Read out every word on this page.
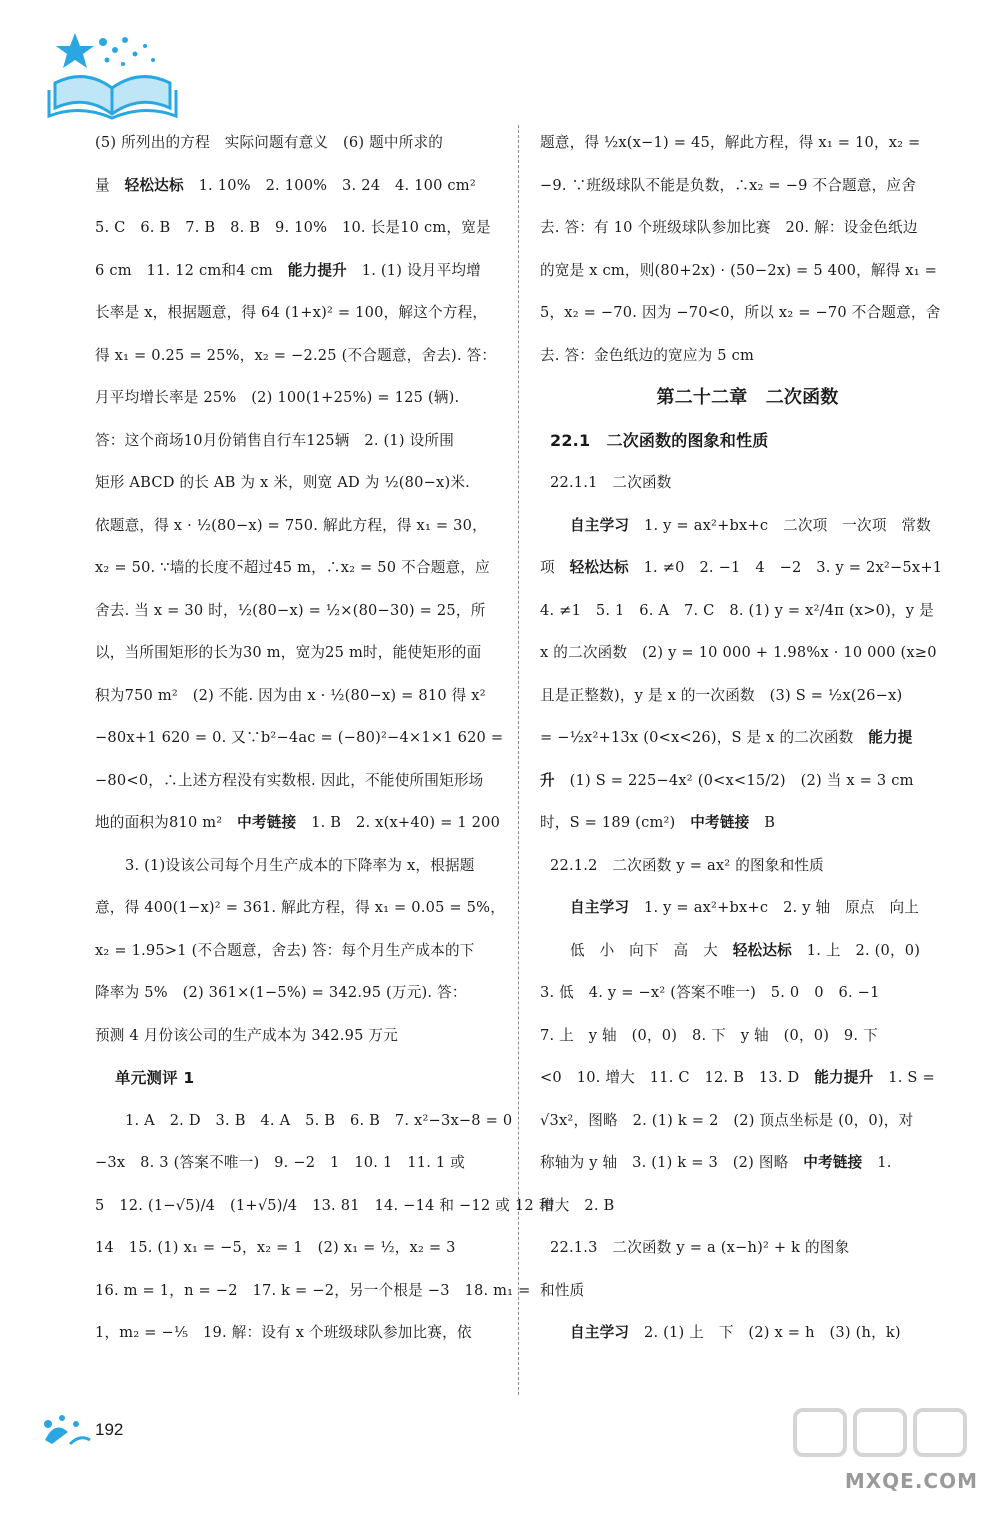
(5) 所列出的方程　实际问题有意义　(6) 题中所求的
量　轻松达标　1. 10%　2. 100%　3. 24　4. 100 cm²
5. C　6. B　7. B　8. B　9. 10%　10. 长是10 cm，宽是
6 cm　11. 12 cm和4 cm　能力提升　1. (1) 设月平均增
长率是 x，根据题意，得 64 (1+x)² = 100，解这个方程，
得 x₁ = 0.25 = 25%，x₂ = −2.25 (不合题意，舍去). 答：
月平均增长率是 25%　(2) 100(1+25%) = 125 (辆).
答：这个商场10月份销售自行车125辆　2. (1) 设所围
矩形 ABCD 的长 AB 为 x 米，则宽 AD 为 ½(80−x)米.
依题意，得 x · ½(80−x) = 750. 解此方程，得 x₁ = 30，
x₂ = 50. ∵墙的长度不超过45 m，∴x₂ = 50 不合题意，应
舍去. 当 x = 30 时，½(80−x) = ½×(80−30) = 25，所
以，当所围矩形的长为30 m，宽为25 m时，能使矩形的面
积为750 m²　(2) 不能. 因为由 x · ½(80−x) = 810 得 x²
−80x+1 620 = 0. 又∵b²−4ac = (−80)²−4×1×1 620 =
−80<0，∴上述方程没有实数根. 因此，不能使所围矩形场
地的面积为810 m²　中考链接　1. B　2. x(x+40) = 1 200
3. (1)设该公司每个月生产成本的下降率为 x，根据题
意，得 400(1−x)² = 361. 解此方程，得 x₁ = 0.05 = 5%，
x₂ = 1.95>1 (不合题意，舍去) 答：每个月生产成本的下
降率为 5%　(2) 361×(1−5%) = 342.95 (万元). 答：
预测 4 月份该公司的生产成本为 342.95 万元
单元测评 1
1. A　2. D　3. B　4. A　5. B　6. B　7. x²−3x−8 = 0
−3x　8. 3 (答案不唯一)　9. −2　1　10. 1　11. 1 或
5　12. (1−√5)/4　(1+√5)/4　13. 81　14. −14 和 −12 或 12 和
14　15. (1) x₁ = −5，x₂ = 1　(2) x₁ = ½，x₂ = 3
16. m = 1，n = −2　17. k = −2，另一个根是 −3　18. m₁ =
1，m₂ = −⅕　19. 解：设有 x 个班级球队参加比赛，依
题意，得 ½x(x−1) = 45，解此方程，得 x₁ = 10，x₂ =
−9. ∵班级球队不能是负数，∴x₂ = −9 不合题意，应舍
去. 答：有 10 个班级球队参加比赛　20. 解：设金色纸边
的宽是 x cm，则(80+2x) · (50−2x) = 5 400，解得 x₁ =
5，x₂ = −70. 因为 −70<0，所以 x₂ = −70 不合题意，舍
去. 答：金色纸边的宽应为 5 cm
第二十二章　二次函数
22.1　二次函数的图象和性质
22.1.1　二次函数
自主学习　1. y = ax²+bx+c　二次项　一次项　常数
项　轻松达标　1. ≠0　2. −1　4　−2　3. y = 2x²−5x+1
4. ≠1　5. 1　6. A　7. C　8. (1) y = x²/4π (x>0)，y 是
x 的二次函数　(2) y = 10 000 + 1.98%x · 10 000 (x≥0
且是正整数)，y 是 x 的一次函数　(3) S = ½x(26−x)
= −½x²+13x (0<x<26)，S 是 x 的二次函数　能力提
升　(1) S = 225−4x² (0<x<15/2)　(2) 当 x = 3 cm
时，S = 189 (cm²)　中考链接　B
22.1.2　二次函数 y = ax² 的图象和性质
自主学习　1. y = ax²+bx+c　2. y 轴　原点　向上
低　小　向下　高　大　轻松达标　1. 上　2. (0，0)
3. 低　4. y = −x² (答案不唯一)　5. 0　0　6. −1
7. 上　y 轴　(0，0)　8. 下　y 轴　(0，0)　9. 下
<0　10. 增大　11. C　12. B　13. D　能力提升　1. S =
√3x²，图略　2. (1) k = 2　(2) 顶点坐标是 (0，0)，对
称轴为 y 轴　3. (1) k = 3　(2) 图略　中考链接　1.
增大　2. B
22.1.3　二次函数 y = a (x−h)² + k 的图象
和性质
自主学习　2. (1) 上　下　(2) x = h　(3) (h，k)
192
MXQE.COM
